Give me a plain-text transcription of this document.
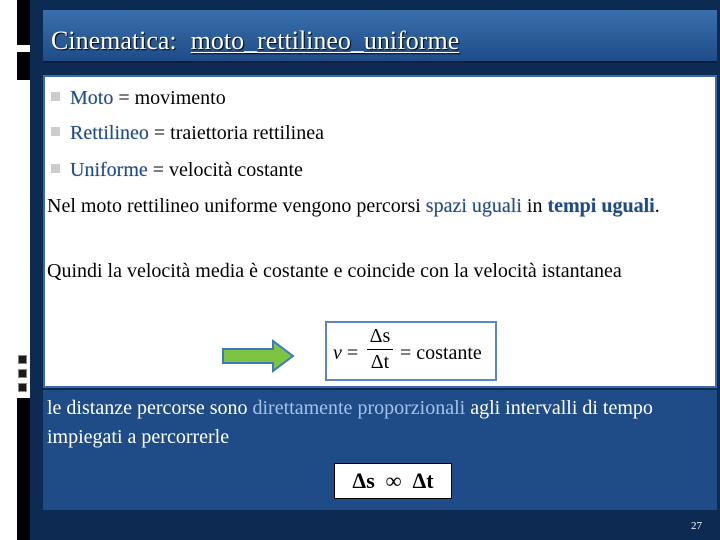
Cinematica: moto_rettilineo_uniforme
Moto = movimento
Rettilineo = traiettoria rettilinea
Uniforme = velocità costante
Nel moto rettilineo uniforme vengono percorsi spazi uguali in tempi uguali.
Quindi la velocità media è costante e coincide con la velocità istantanea
v =
Δs
Δt = costante
le distanze percorse sono direttamente proporzionali agli intervalli di tempo impiegati a percorrerle
Δs  ∞  Δt
27
